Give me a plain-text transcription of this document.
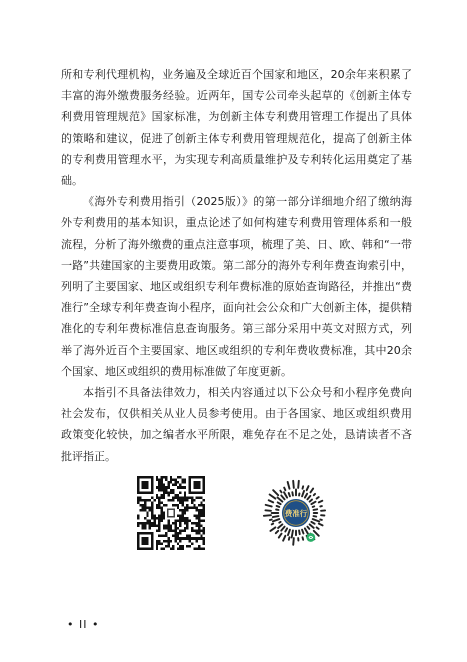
所和专利代理机构，业务遍及全球近百个国家和地区，20余年来积累了丰富的海外缴费服务经验。近两年，国专公司牵头起草的《创新主体专利费用管理规范》国家标准，为创新主体专利费用管理工作提出了具体的策略和建议，促进了创新主体专利费用管理规范化，提高了创新主体的专利费用管理水平，为实现专利高质量维护及专利转化运用奠定了基础。

《海外专利费用指引（2025版）》的第一部分详细地介绍了缴纳海外专利费用的基本知识，重点论述了如何构建专利费用管理体系和一般流程，分析了海外缴费的重点注意事项，梳理了美、日、欧、韩和“一带一路”共建国家的主要费用政策。第二部分的海外专利年费查询索引中，列明了主要国家、地区或组织专利年费标准的原始查询路径，并推出“费准行”全球专利年费查询小程序，面向社会公众和广大创新主体，提供精准化的专利年费标准信息查询服务。第三部分采用中英文对照方式，列举了海外近百个主要国家、地区或组织的专利年费收费标准，其中20余个国家、地区或组织的费用标准做了年度更新。

本指引不具备法律效力，相关内容通过以下公众号和小程序免费向社会发布，仅供相关从业人员参考使用。由于各国家、地区或组织费用政策变化较快，加之编者水平所限，难免存在不足之处，恳请读者不吝批评指正。

费准行
• II •
